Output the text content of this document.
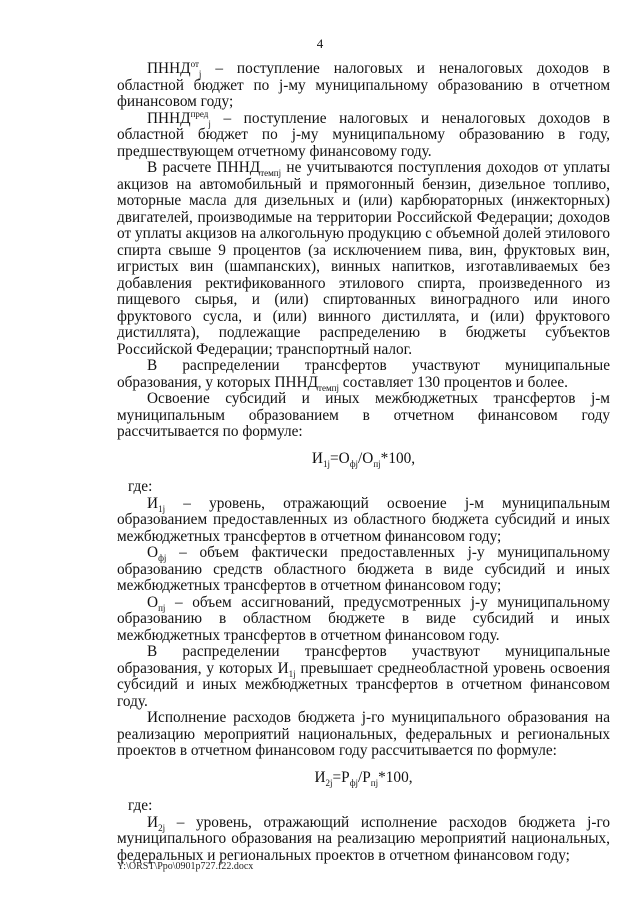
4

$ПННД^{от}_j$ – поступление налоговых и неналоговых доходов в областной бюджет по j-му муниципальному образованию в отчетном финансовом году;

$ПННД^{пред}_j$ – поступление налоговых и неналоговых доходов в областной бюджет по j-му муниципальному образованию в году, предшествующем отчетному финансовому году.

В расчете $ПННД_{темпj}$ не учитываются поступления доходов от уплаты акцизов на автомобильный и прямогонный бензин, дизельное топливо, моторные масла для дизельных и (или) карбюраторных (инжекторных) двигателей, производимые на территории Российской Федерации; доходов от уплаты акцизов на алкогольную продукцию с объемной долей этилового спирта свыше 9 процентов (за исключением пива, вин, фруктовых вин, игристых вин (шампанских), винных напитков, изготавливаемых без добавления ректификованного этилового спирта, произведенного из пищевого сырья, и (или) спиртованных виноградного или иного фруктового сусла, и (или) винного дистиллята, и (или) фруктового дистиллята), подлежащие распределению в бюджеты субъектов Российской Федерации; транспортный налог.

В распределении трансфертов участвуют муниципальные образования, у которых $ПННД_{темпj}$ составляет 130 процентов и более.

Освоение субсидий и иных межбюджетных трансфертов j-м муниципальным образованием в отчетном финансовом году рассчитывается по формуле:

$И_{1j}=О_{фj}/О_{пj}*100$,

где:

$И_{1j}$ – уровень, отражающий освоение j-м муниципальным образованием предоставленных из областного бюджета субсидий и иных межбюджетных трансфертов в отчетном финансовом году;

$О_{фj}$ – объем фактически предоставленных j-у муниципальному образованию средств областного бюджета в виде субсидий и иных межбюджетных трансфертов в отчетном финансовом году;

$О_{пj}$ – объем ассигнований, предусмотренных j-у муниципальному образованию в областном бюджете в виде субсидий и иных межбюджетных трансфертов в отчетном финансовом году.

В распределении трансфертов участвуют муниципальные образования, у которых $И_{1j}$ превышает среднеобластной уровень освоения субсидий и иных межбюджетных трансфертов в отчетном финансовом году.

Исполнение расходов бюджета j-го муниципального образования на реализацию мероприятий национальных, федеральных и региональных проектов в отчетном финансовом году рассчитывается по формуле:

$И_{2j}=Р_{фj}/Р_{пj}*100$,

где:

$И_{2j}$ – уровень, отражающий исполнение расходов бюджета j-го муниципального образования на реализацию мероприятий национальных, федеральных и региональных проектов в отчетном финансовом году;

Y:\ORST\Ppo\0901p727.f22.docx
